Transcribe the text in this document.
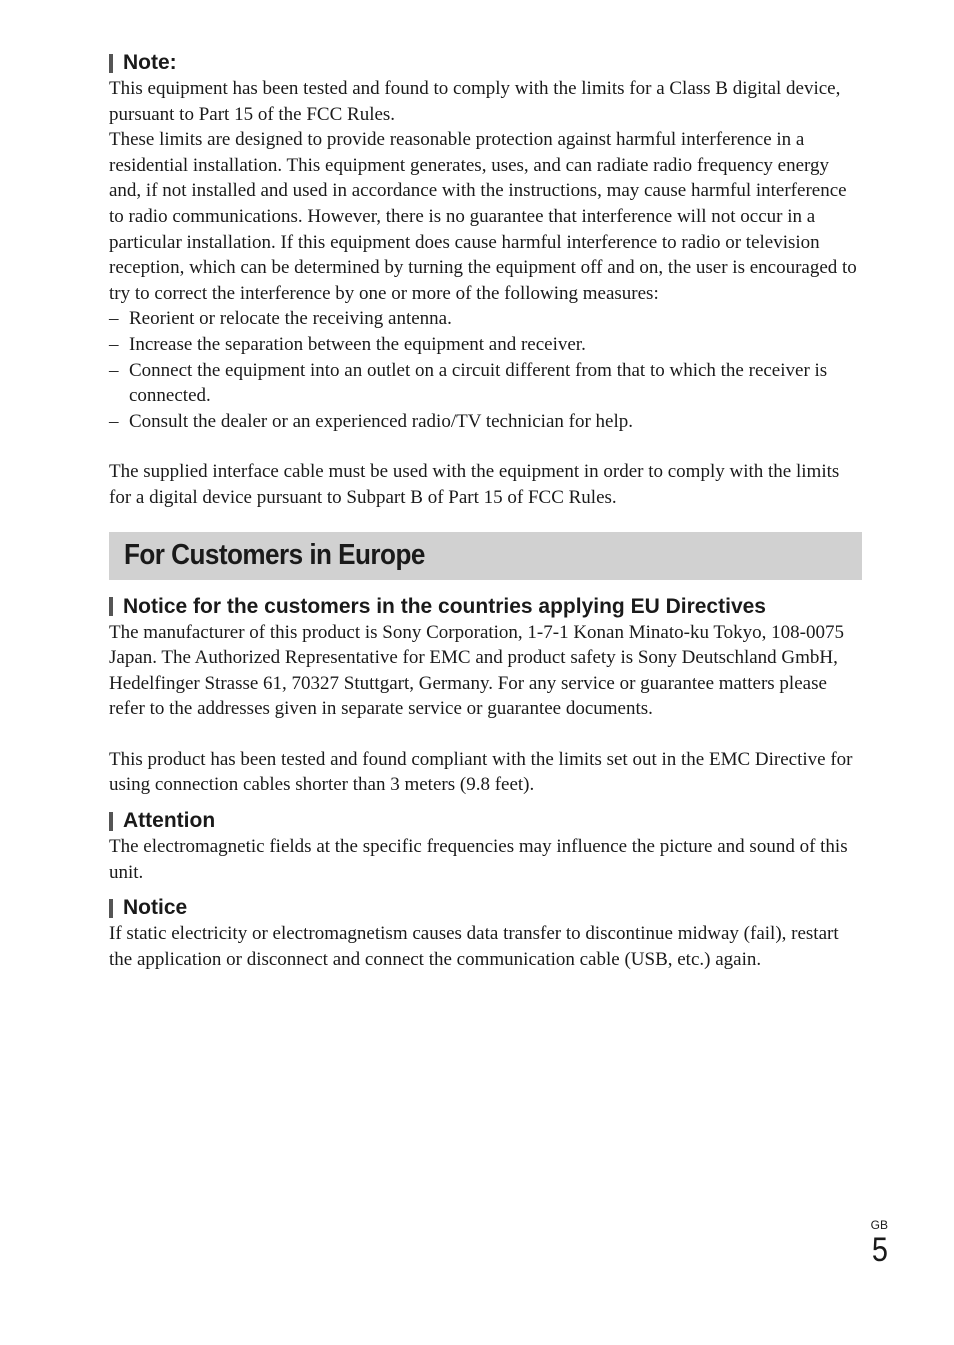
Note:

This equipment has been tested and found to comply with the limits for a Class B digital device, pursuant to Part 15 of the FCC Rules.

These limits are designed to provide reasonable protection against harmful interference in a residential installation. This equipment generates, uses, and can radiate radio frequency energy and, if not installed and used in accordance with the instructions, may cause harmful interference to radio communications. However, there is no guarantee that interference will not occur in a particular installation. If this equipment does cause harmful interference to radio or television reception, which can be determined by turning the equipment off and on, the user is encouraged to try to correct the interference by one or more of the following measures:

– Reorient or relocate the receiving antenna.
– Increase the separation between the equipment and receiver.
– Connect the equipment into an outlet on a circuit different from that to which the receiver is connected.
– Consult the dealer or an experienced radio/TV technician for help.

The supplied interface cable must be used with the equipment in order to comply with the limits for a digital device pursuant to Subpart B of Part 15 of FCC Rules.

For Customers in Europe
Notice for the customers in the countries applying EU Directives

The manufacturer of this product is Sony Corporation, 1-7-1 Konan Minato-ku Tokyo, 108-0075 Japan. The Authorized Representative for EMC and product safety is Sony Deutschland GmbH, Hedelfinger Strasse 61, 70327 Stuttgart, Germany. For any service or guarantee matters please refer to the addresses given in separate service or guarantee documents.

This product has been tested and found compliant with the limits set out in the EMC Directive for using connection cables shorter than 3 meters (9.8 feet).

Attention

The electromagnetic fields at the specific frequencies may influence the picture and sound of this unit.

Notice

If static electricity or electromagnetism causes data transfer to discontinue midway (fail), restart the application or disconnect and connect the communication cable (USB, etc.) again.

GB
5
